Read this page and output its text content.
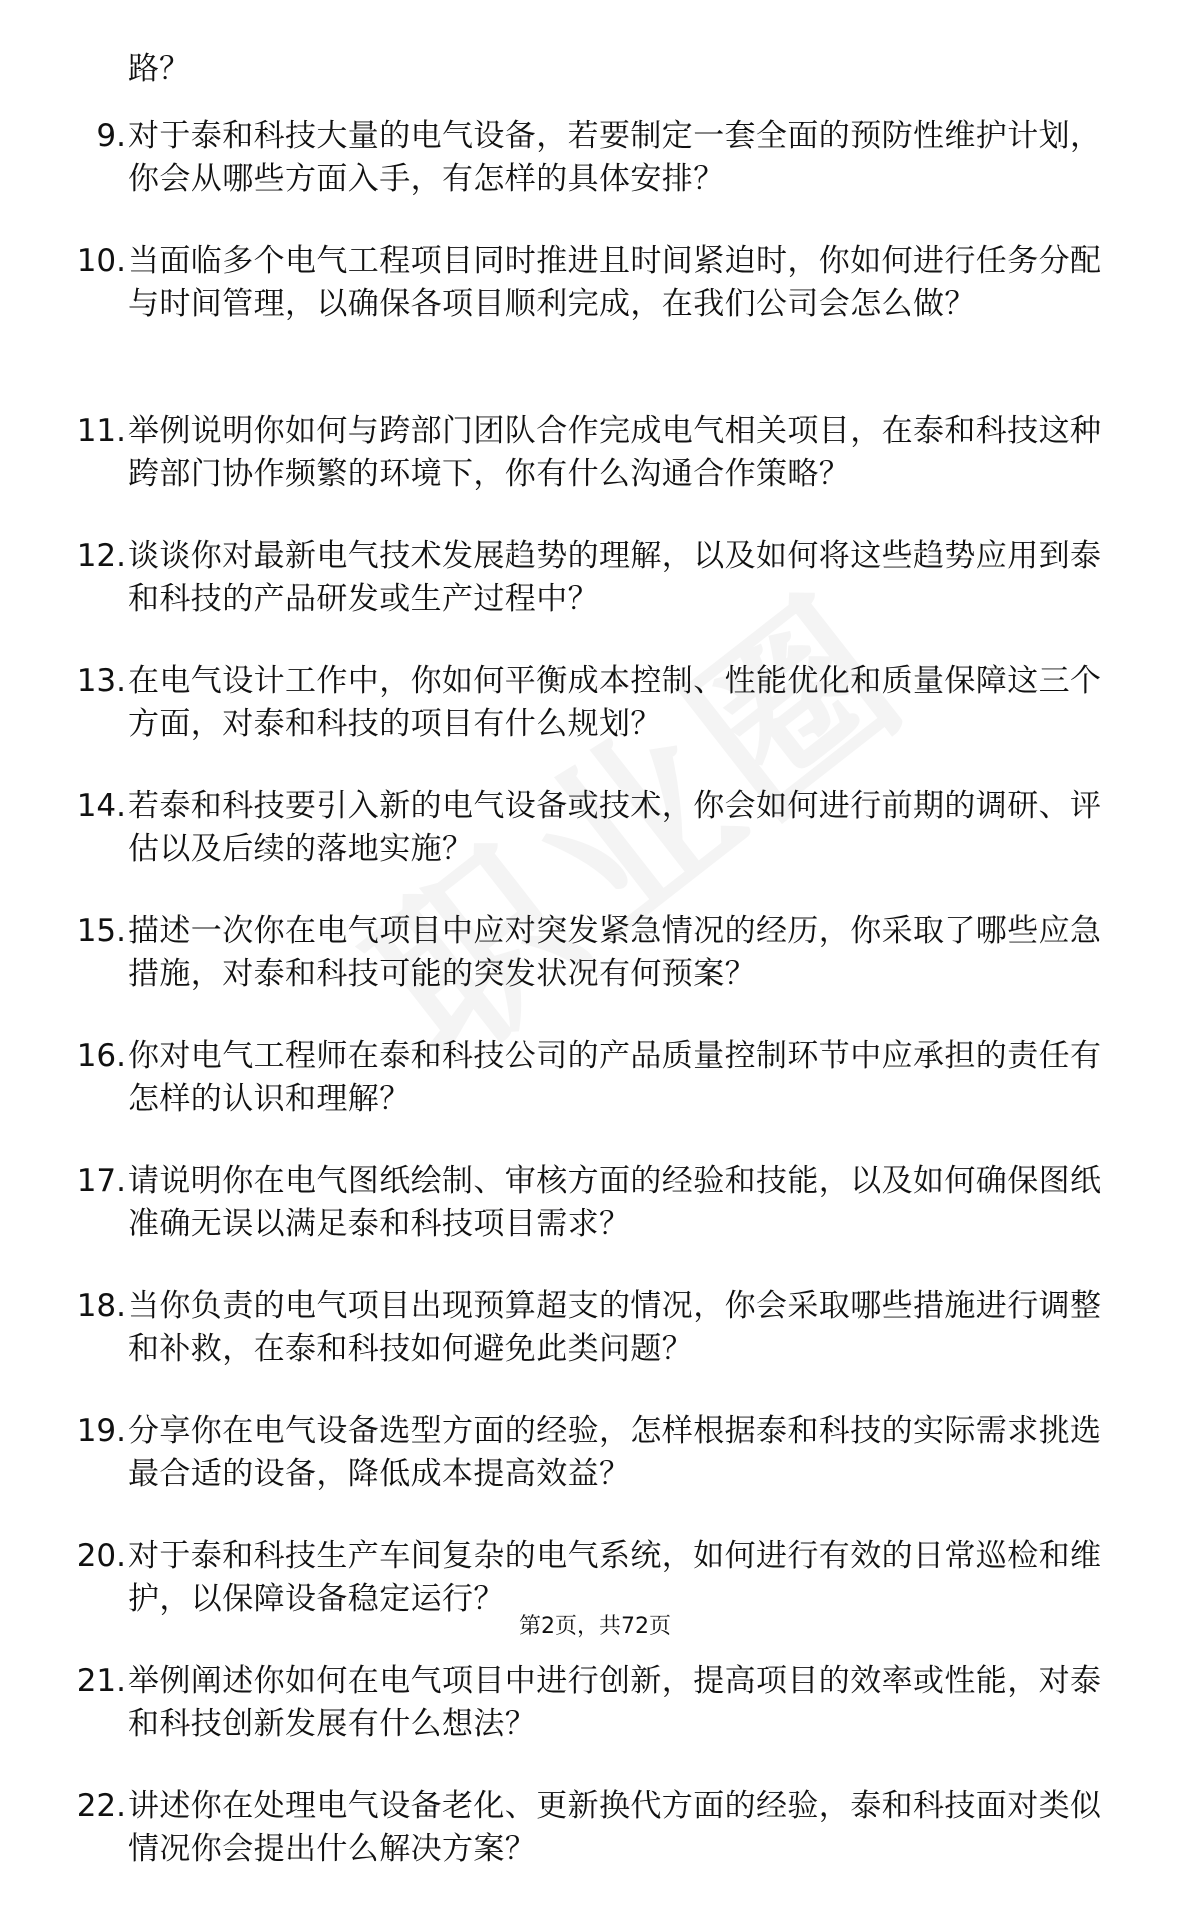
路？
9. 对于泰和科技大量的电气设备，若要制定一套全面的预防性维护计划，你会从哪些方面入手，有怎样的具体安排？
10. 当面临多个电气工程项目同时推进且时间紧迫时，你如何进行任务分配与时间管理，以确保各项目顺利完成，在我们公司会怎么做？
11. 举例说明你如何与跨部门团队合作完成电气相关项目，在泰和科技这种跨部门协作频繁的环境下，你有什么沟通合作策略？
12. 谈谈你对最新电气技术发展趋势的理解，以及如何将这些趋势应用到泰和科技的产品研发或生产过程中？
13. 在电气设计工作中，你如何平衡成本控制、性能优化和质量保障这三个方面，对泰和科技的项目有什么规划？
14. 若泰和科技要引入新的电气设备或技术，你会如何进行前期的调研、评估以及后续的落地实施？
15. 描述一次你在电气项目中应对突发紧急情况的经历，你采取了哪些应急措施，对泰和科技可能的突发状况有何预案？
16. 你对电气工程师在泰和科技公司的产品质量控制环节中应承担的责任有怎样的认识和理解？
17. 请说明你在电气图纸绘制、审核方面的经验和技能，以及如何确保图纸准确无误以满足泰和科技项目需求？
18. 当你负责的电气项目出现预算超支的情况，你会采取哪些措施进行调整和补救，在泰和科技如何避免此类问题？
19. 分享你在电气设备选型方面的经验，怎样根据泰和科技的实际需求挑选最合适的设备，降低成本提高效益？
20. 对于泰和科技生产车间复杂的电气系统，如何进行有效的日常巡检和维护，以保障设备稳定运行？
21. 举例阐述你如何在电气项目中进行创新，提高项目的效率或性能，对泰和科技创新发展有什么想法？
22. 讲述你在处理电气设备老化、更新换代方面的经验，泰和科技面对类似情况你会提出什么解决方案？
第2页，共72页
